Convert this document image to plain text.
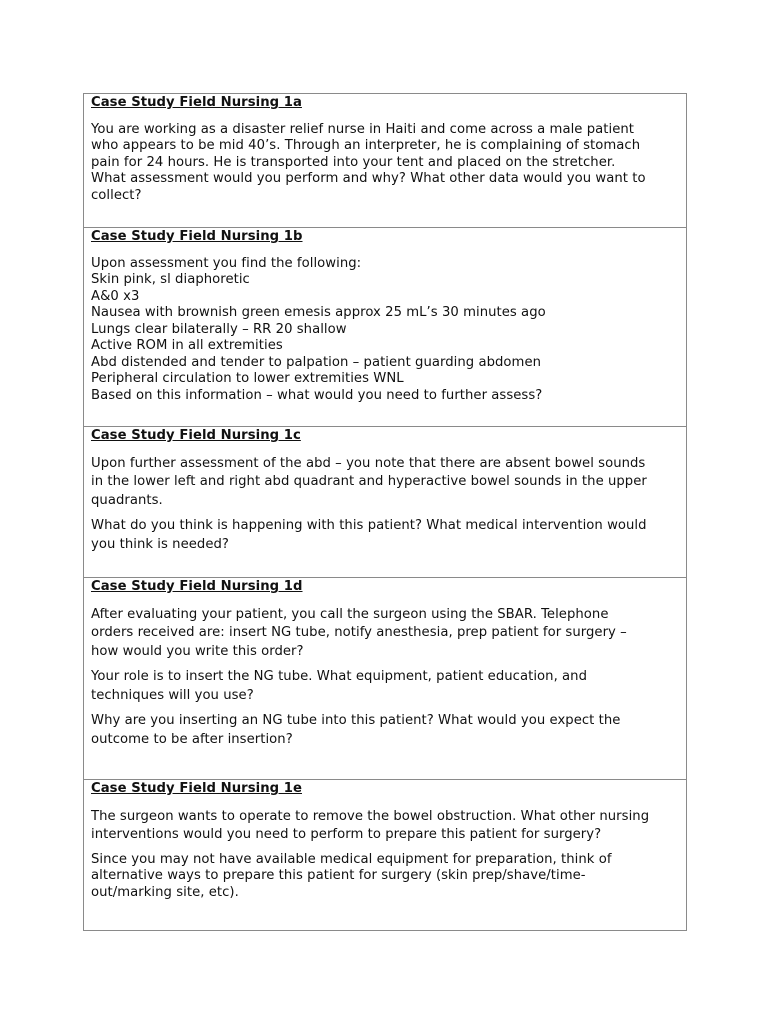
Case Study Field Nursing 1a

You are working as a disaster relief nurse in Haiti and come across a male patient
who appears to be mid 40’s. Through an interpreter, he is complaining of stomach
pain for 24 hours. He is transported into your tent and placed on the stretcher.
What assessment would you perform and why? What other data would you want to
collect?

Case Study Field Nursing 1b

Upon assessment you find the following:
Skin pink, sl diaphoretic
A&0 x3
Nausea with brownish green emesis approx 25 mL’s 30 minutes ago
Lungs clear bilaterally – RR 20 shallow
Active ROM in all extremities
Abd distended and tender to palpation – patient guarding abdomen
Peripheral circulation to lower extremities WNL
Based on this information – what would you need to further assess?

Case Study Field Nursing 1c

Upon further assessment of the abd – you note that there are absent bowel sounds
in the lower left and right abd quadrant and hyperactive bowel sounds in the upper
quadrants.

What do you think is happening with this patient? What medical intervention would
you think is needed?

Case Study Field Nursing 1d

After evaluating your patient, you call the surgeon using the SBAR. Telephone
orders received are: insert NG tube, notify anesthesia, prep patient for surgery –
how would you write this order?

Your role is to insert the NG tube. What equipment, patient education, and
techniques will you use?

Why are you inserting an NG tube into this patient? What would you expect the
outcome to be after insertion?

Case Study Field Nursing 1e

The surgeon wants to operate to remove the bowel obstruction. What other nursing
interventions would you need to perform to prepare this patient for surgery?

Since you may not have available medical equipment for preparation, think of
alternative ways to prepare this patient for surgery (skin prep/shave/time-
out/marking site, etc).
